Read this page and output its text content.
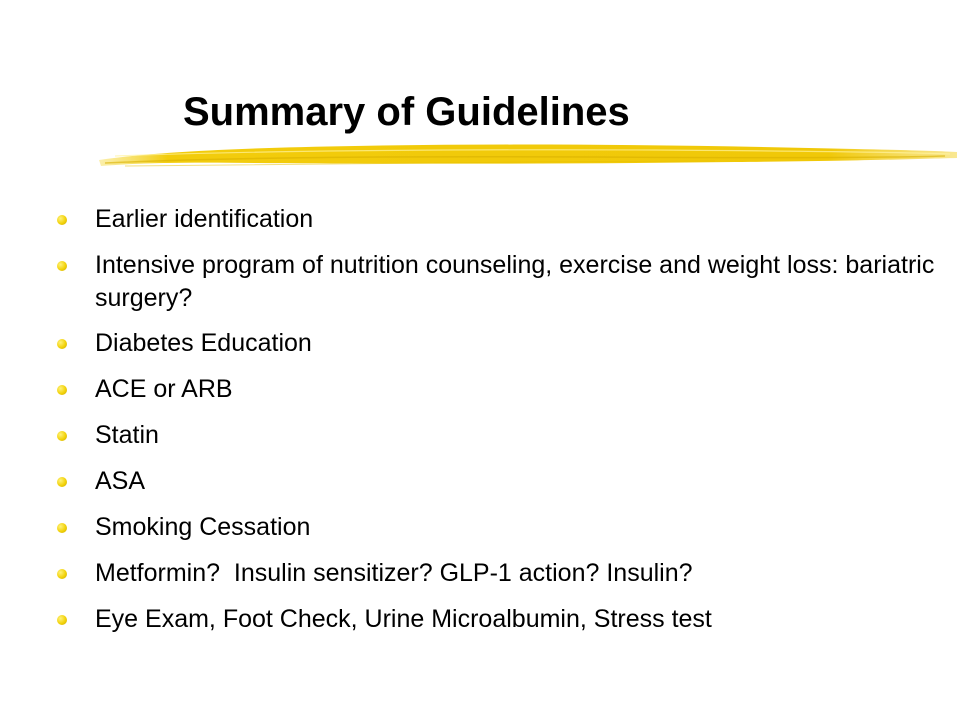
Summary of Guidelines
Earlier identification
Intensive program of nutrition counseling, exercise and weight loss: bariatric surgery?
Diabetes Education
ACE or ARB
Statin
ASA
Smoking Cessation
Metformin?  Insulin sensitizer? GLP-1 action? Insulin?
Eye Exam, Foot Check, Urine Microalbumin, Stress test
